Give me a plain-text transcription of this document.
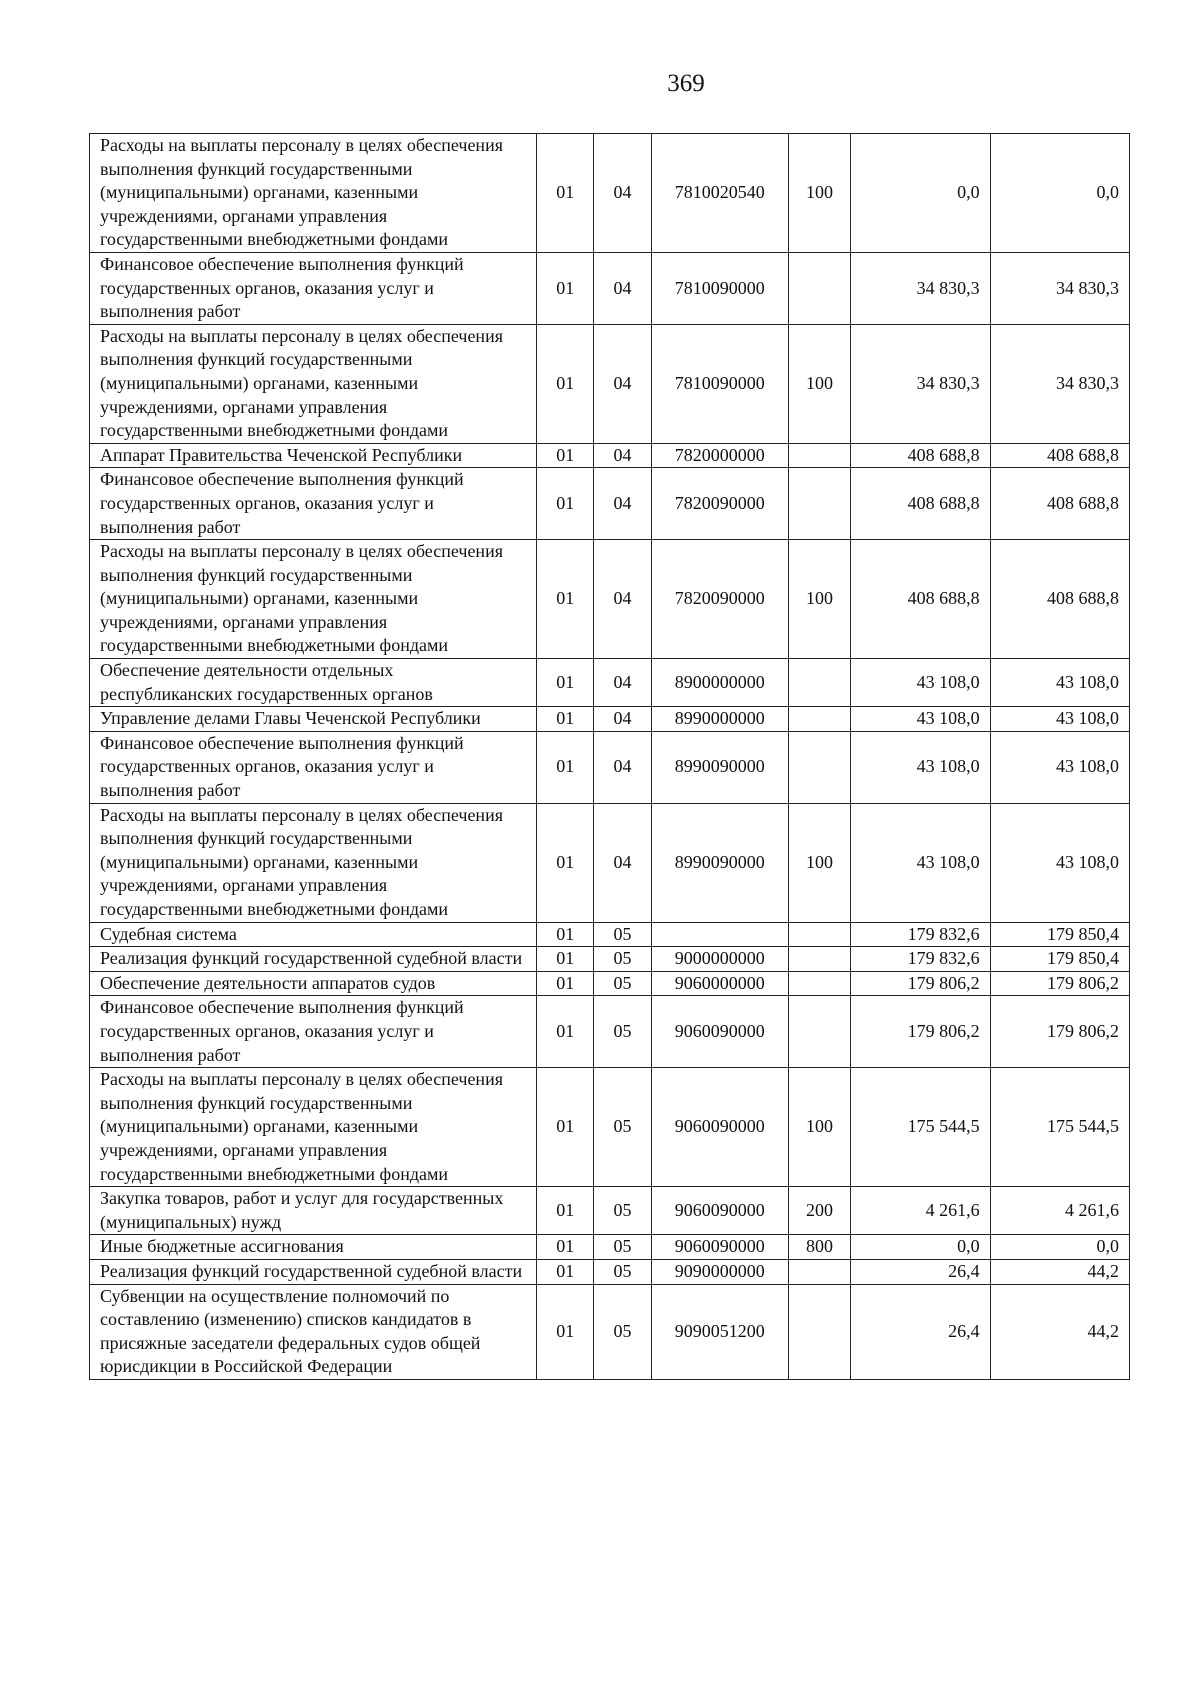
369
Расходы на выплаты персоналу в целях обеспечения выполнения функций государственными (муниципальными) органами, казенными учреждениями, органами управления государственными внебюджетными фондами	01	04	7810020540	100	0,0	0,0
Финансовое обеспечение выполнения функций государственных органов, оказания услуг и выполнения работ	01	04	7810090000		34 830,3	34 830,3
Расходы на выплаты персоналу в целях обеспечения выполнения функций государственными (муниципальными) органами, казенными учреждениями, органами управления государственными внебюджетными фондами	01	04	7810090000	100	34 830,3	34 830,3
Аппарат Правительства Чеченской Республики	01	04	7820000000		408 688,8	408 688,8
Финансовое обеспечение выполнения функций государственных органов, оказания услуг и выполнения работ	01	04	7820090000		408 688,8	408 688,8
Расходы на выплаты персоналу в целях обеспечения выполнения функций государственными (муниципальными) органами, казенными учреждениями, органами управления государственными внебюджетными фондами	01	04	7820090000	100	408 688,8	408 688,8
Обеспечение деятельности отдельных республиканских государственных органов	01	04	8900000000		43 108,0	43 108,0
Управление делами Главы Чеченской Республики	01	04	8990000000		43 108,0	43 108,0
Финансовое обеспечение выполнения функций государственных органов, оказания услуг и выполнения работ	01	04	8990090000		43 108,0	43 108,0
Расходы на выплаты персоналу в целях обеспечения выполнения функций государственными (муниципальными) органами, казенными учреждениями, органами управления государственными внебюджетными фондами	01	04	8990090000	100	43 108,0	43 108,0
Судебная система	01	05			179 832,6	179 850,4
Реализация функций государственной судебной власти	01	05	9000000000		179 832,6	179 850,4
Обеспечение деятельности аппаратов судов	01	05	9060000000		179 806,2	179 806,2
Финансовое обеспечение выполнения функций государственных органов, оказания услуг и выполнения работ	01	05	9060090000		179 806,2	179 806,2
Расходы на выплаты персоналу в целях обеспечения выполнения функций государственными (муниципальными) органами, казенными учреждениями, органами управления государственными внебюджетными фондами	01	05	9060090000	100	175 544,5	175 544,5
Закупка товаров, работ и услуг для государственных (муниципальных) нужд	01	05	9060090000	200	4 261,6	4 261,6
Иные бюджетные ассигнования	01	05	9060090000	800	0,0	0,0
Реализация функций государственной судебной власти	01	05	9090000000		26,4	44,2
Субвенции на осуществление полномочий по составлению (изменению) списков кандидатов в присяжные заседатели федеральных судов общей юрисдикции в Российской Федерации	01	05	9090051200		26,4	44,2
